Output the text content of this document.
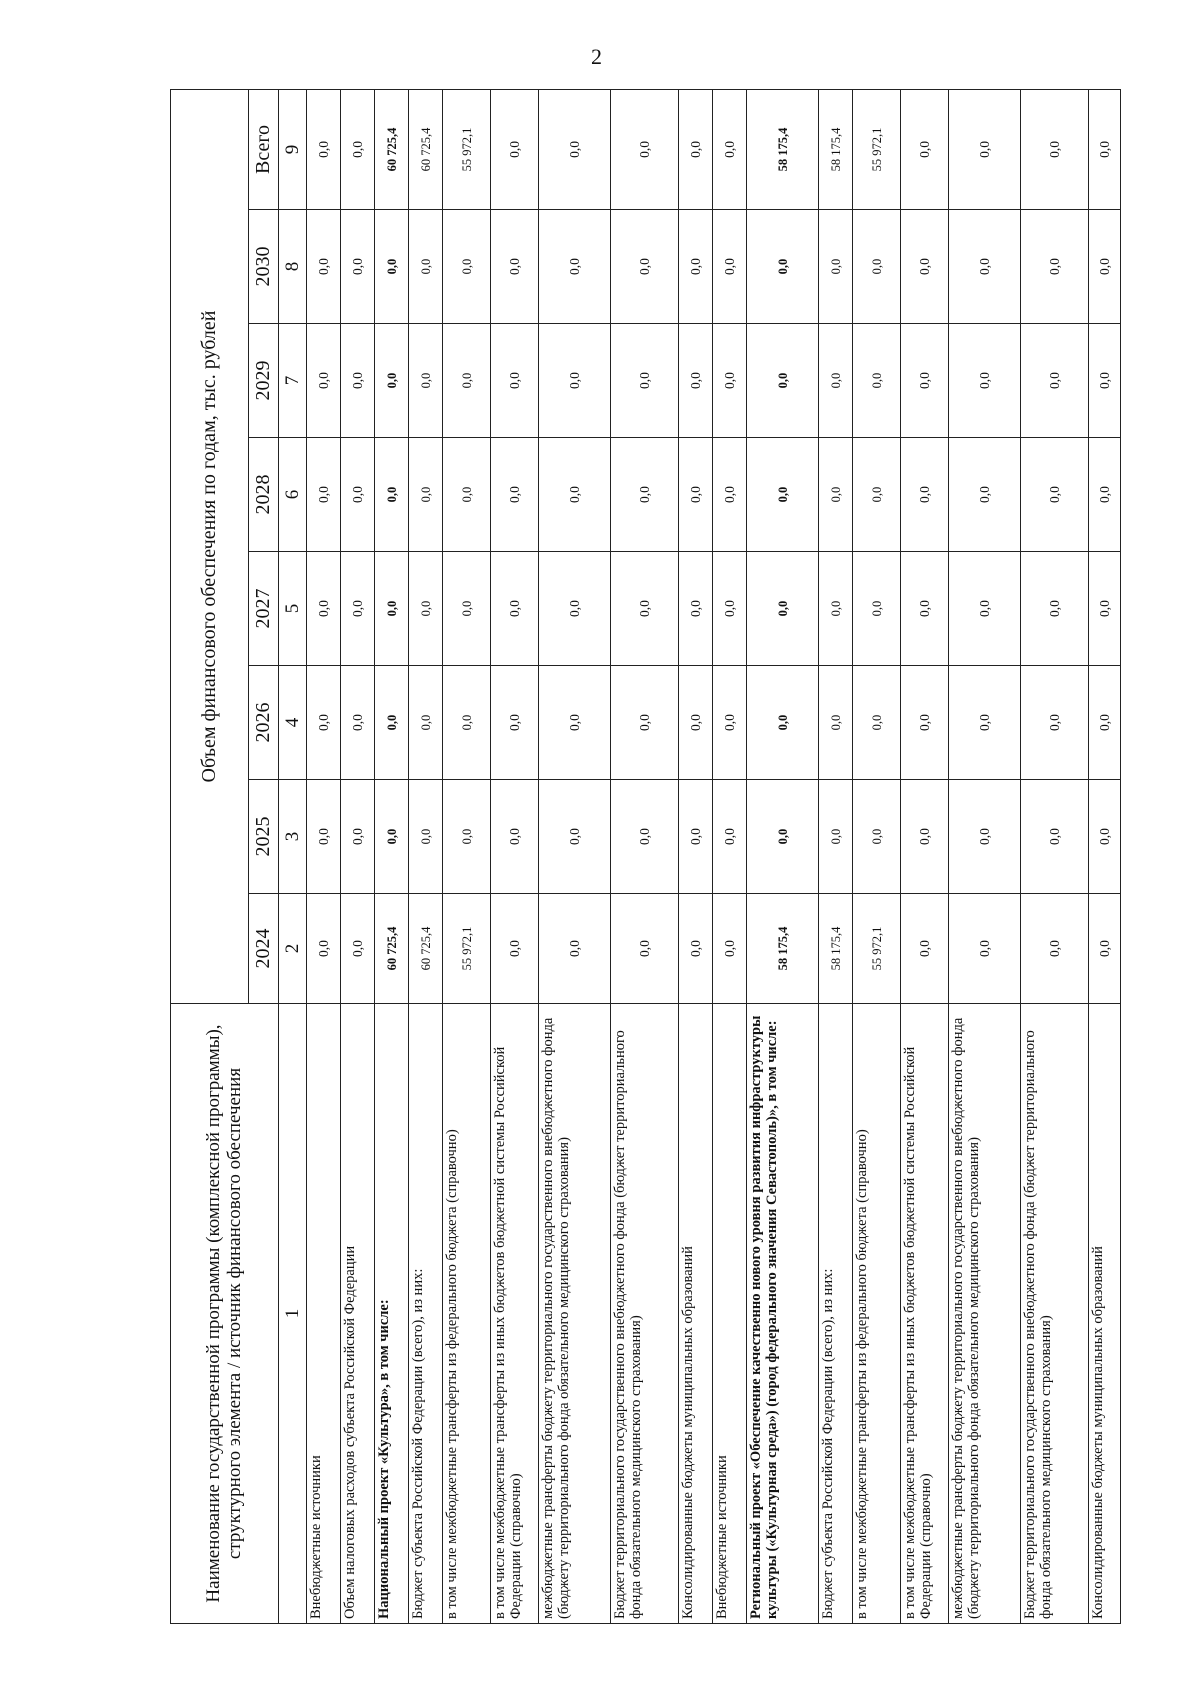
2
Наименование государственной программы (комплексной программы), структурного элемента / источник финансового обеспечения	Объем финансового обеспечения по годам, тыс. рублей							
	2024	2025	2026	2027	2028	2029	2030	Всего
1	2	3	4	5	6	7	8	9
Внебюджетные источники	0,0	0,0	0,0	0,0	0,0	0,0	0,0	0,0
Объем налоговых расходов субъекта Российской Федерации	0,0	0,0	0,0	0,0	0,0	0,0	0,0	0,0
Национальный проект «Культура», в том числе:	60 725,4	0,0	0,0	0,0	0,0	0,0	0,0	60 725,4
Бюджет субъекта Российской Федерации (всего), из них:	60 725,4	0,0	0,0	0,0	0,0	0,0	0,0	60 725,4
в том числе межбюджетные трансферты из федерального бюджета (справочно)	55 972,1	0,0	0,0	0,0	0,0	0,0	0,0	55 972,1
в том числе межбюджетные трансферты из иных бюджетов бюджетной системы Российской Федерации (справочно)	0,0	0,0	0,0	0,0	0,0	0,0	0,0	0,0
межбюджетные трансферты бюджету территориального государственного внебюджетного фонда (бюджету территориального фонда обязательного медицинского страхования)	0,0	0,0	0,0	0,0	0,0	0,0	0,0	0,0
Бюджет территориального государственного внебюджетного фонда (бюджет территориального фонда обязательного медицинского страхования)	0,0	0,0	0,0	0,0	0,0	0,0	0,0	0,0
Консолидированные бюджеты муниципальных образований	0,0	0,0	0,0	0,0	0,0	0,0	0,0	0,0
Внебюджетные источники	0,0	0,0	0,0	0,0	0,0	0,0	0,0	0,0
Региональный проект «Обеспечение качественно нового уровня развития инфраструктуры культуры («Культурная среда») (город федерального значения Севастополь)», в том числе:	58 175,4	0,0	0,0	0,0	0,0	0,0	0,0	58 175,4
Бюджет субъекта Российской Федерации (всего), из них:	58 175,4	0,0	0,0	0,0	0,0	0,0	0,0	58 175,4
в том числе межбюджетные трансферты из федерального бюджета (справочно)	55 972,1	0,0	0,0	0,0	0,0	0,0	0,0	55 972,1
в том числе межбюджетные трансферты из иных бюджетов бюджетной системы Российской Федерации (справочно)	0,0	0,0	0,0	0,0	0,0	0,0	0,0	0,0
межбюджетные трансферты бюджету территориального государственного внебюджетного фонда (бюджету территориального фонда обязательного медицинского страхования)	0,0	0,0	0,0	0,0	0,0	0,0	0,0	0,0
Бюджет территориального государственного внебюджетного фонда (бюджет территориального фонда обязательного медицинского страхования)	0,0	0,0	0,0	0,0	0,0	0,0	0,0	0,0
Консолидированные бюджеты муниципальных образований	0,0	0,0	0,0	0,0	0,0	0,0	0,0	0,0
